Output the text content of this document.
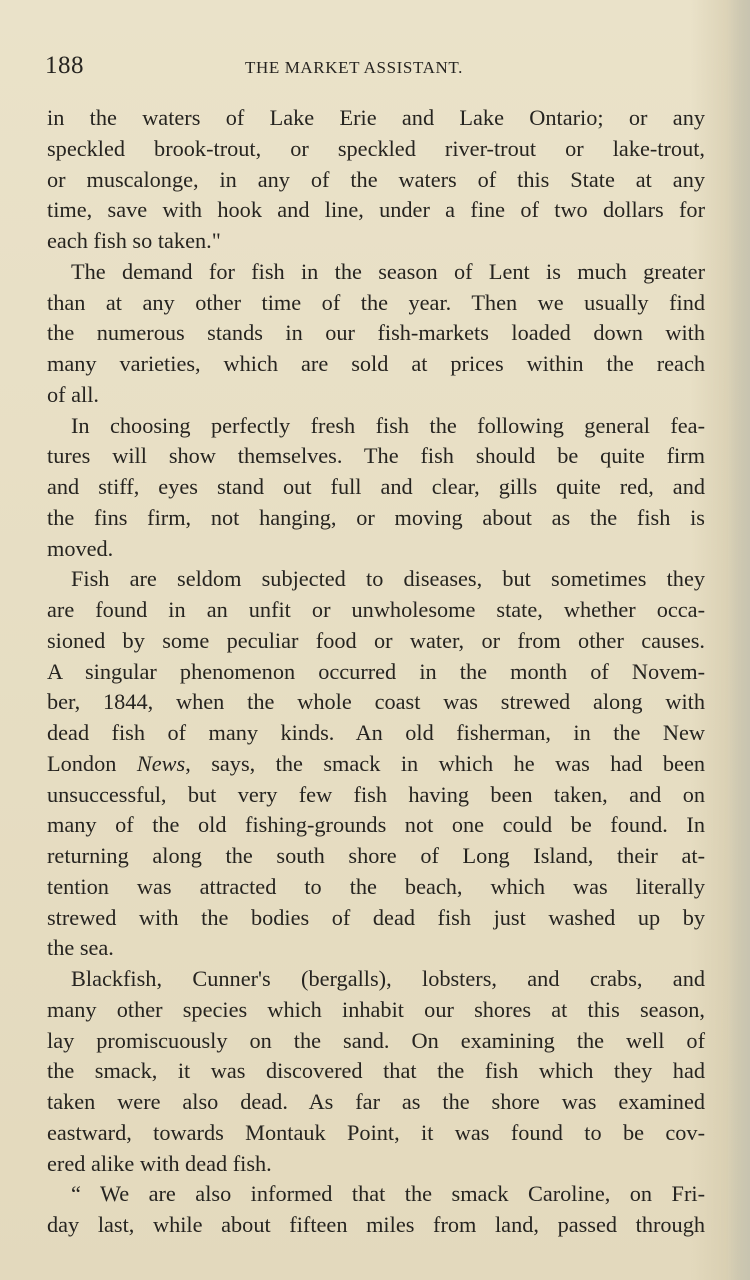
188	THE MARKET ASSISTANT.

in the waters of Lake Erie and Lake Ontario; or any
speckled brook-trout, or speckled river-trout or lake-trout,
or muscalonge, in any of the waters of this State at any
time, save with hook and line, under a fine of two dollars for
each fish so taken."

The demand for fish in the season of Lent is much greater
than at any other time of the year. Then we usually find
the numerous stands in our fish-markets loaded down with
many varieties, which are sold at prices within the reach
of all.

In choosing perfectly fresh fish the following general fea-
tures will show themselves. The fish should be quite firm
and stiff, eyes stand out full and clear, gills quite red, and
the fins firm, not hanging, or moving about as the fish is
moved.

Fish are seldom subjected to diseases, but sometimes they
are found in an unfit or unwholesome state, whether occa-
sioned by some peculiar food or water, or from other causes.
A singular phenomenon occurred in the month of Novem-
ber, 1844, when the whole coast was strewed along with
dead fish of many kinds. An old fisherman, in the New
London News, says, the smack in which he was had been
unsuccessful, but very few fish having been taken, and on
many of the old fishing-grounds not one could be found. In
returning along the south shore of Long Island, their at-
tention was attracted to the beach, which was literally
strewed with the bodies of dead fish just washed up by
the sea.

Blackfish, Cunner's (bergalls), lobsters, and crabs, and
many other species which inhabit our shores at this season,
lay promiscuously on the sand. On examining the well of
the smack, it was discovered that the fish which they had
taken were also dead. As far as the shore was examined
eastward, towards Montauk Point, it was found to be cov-
ered alike with dead fish.

“ We are also informed that the smack Caroline, on Fri-
day last, while about fifteen miles from land, passed through
